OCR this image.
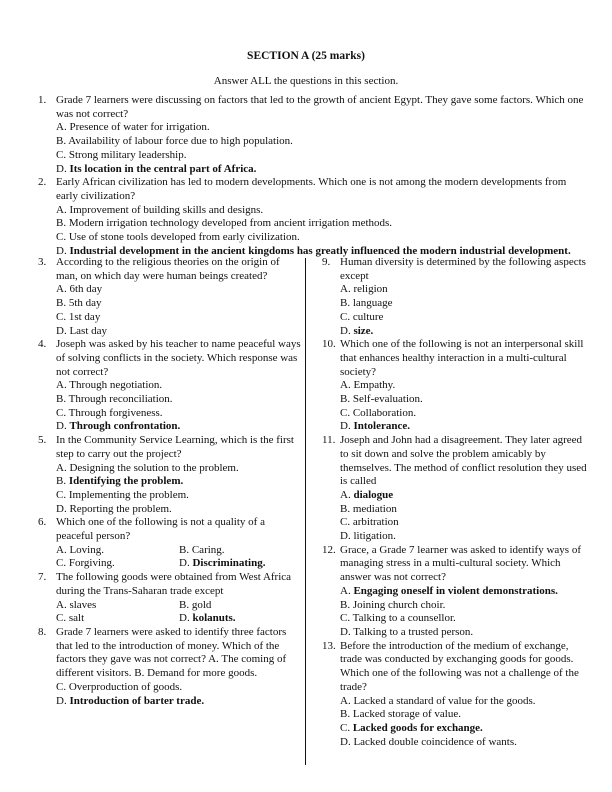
SECTION A (25 marks)
Answer ALL the questions in this section.
1. Grade 7 learners were discussing on factors that led to the growth of ancient Egypt. They gave some factors. Which one was not correct?
A. Presence of water for irrigation.
B. Availability of labour force due to high population.
C. Strong military leadership.
D. Its location in the central part of Africa.
2. Early African civilization has led to modern developments. Which one is not among the modern developments from early civilization?
A. Improvement of building skills and designs.
B. Modern irrigation technology developed from ancient irrigation methods.
C. Use of stone tools developed from early civilization.
D. Industrial development in the ancient kingdoms has greatly influenced the modern industrial development.
3. According to the religious theories on the origin of man, on which day were human beings created?
A. 6th day
B. 5th day
C. 1st day
D. Last day
4. Joseph was asked by his teacher to name peaceful ways of solving conflicts in the society. Which response was not correct?
A. Through negotiation.
B. Through reconciliation.
C. Through forgiveness.
D. Through confrontation.
5. In the Community Service Learning, which is the first step to carry out the project?
A. Designing the solution to the problem.
B. Identifying the problem.
C. Implementing the problem.
D. Reporting the problem.
6. Which one of the following is not a quality of a peaceful person?
A. Loving.	B. Caring.
C. Forgiving.	D. Discriminating.
7. The following goods were obtained from West Africa during the Trans-Saharan trade except
A. slaves	B. gold
C. salt	D. kolanuts.
8. Grade 7 learners were asked to identify three factors that led to the introduction of money. Which of the factors they gave was not correct? A. The coming of different visitors. B. Demand for more goods.
C. Overproduction of goods.
D. Introduction of barter trade.
9. Human diversity is determined by the following aspects except
A. religion
B. language
C. culture
D. size.
10. Which one of the following is not an interpersonal skill that enhances healthy interaction in a multi-cultural society?
A. Empathy.
B. Self-evaluation.
C. Collaboration.
D. Intolerance.
11. Joseph and John had a disagreement. They later agreed to sit down and solve the problem amicably by themselves. The method of conflict resolution they used is called
A. dialogue
B. mediation
C. arbitration
D. litigation.
12. Grace, a Grade 7 learner was asked to identify ways of managing stress in a multi-cultural society. Which answer was not correct?
A. Engaging oneself in violent demonstrations.
B. Joining church choir.
C. Talking to a counsellor.
D. Talking to a trusted person.
13. Before the introduction of the medium of exchange, trade was conducted by exchanging goods for goods. Which one of the following was not a challenge of the trade?
A. Lacked a standard of value for the goods.
B. Lacked storage of value.
C. Lacked goods for exchange.
D. Lacked double coincidence of wants.
